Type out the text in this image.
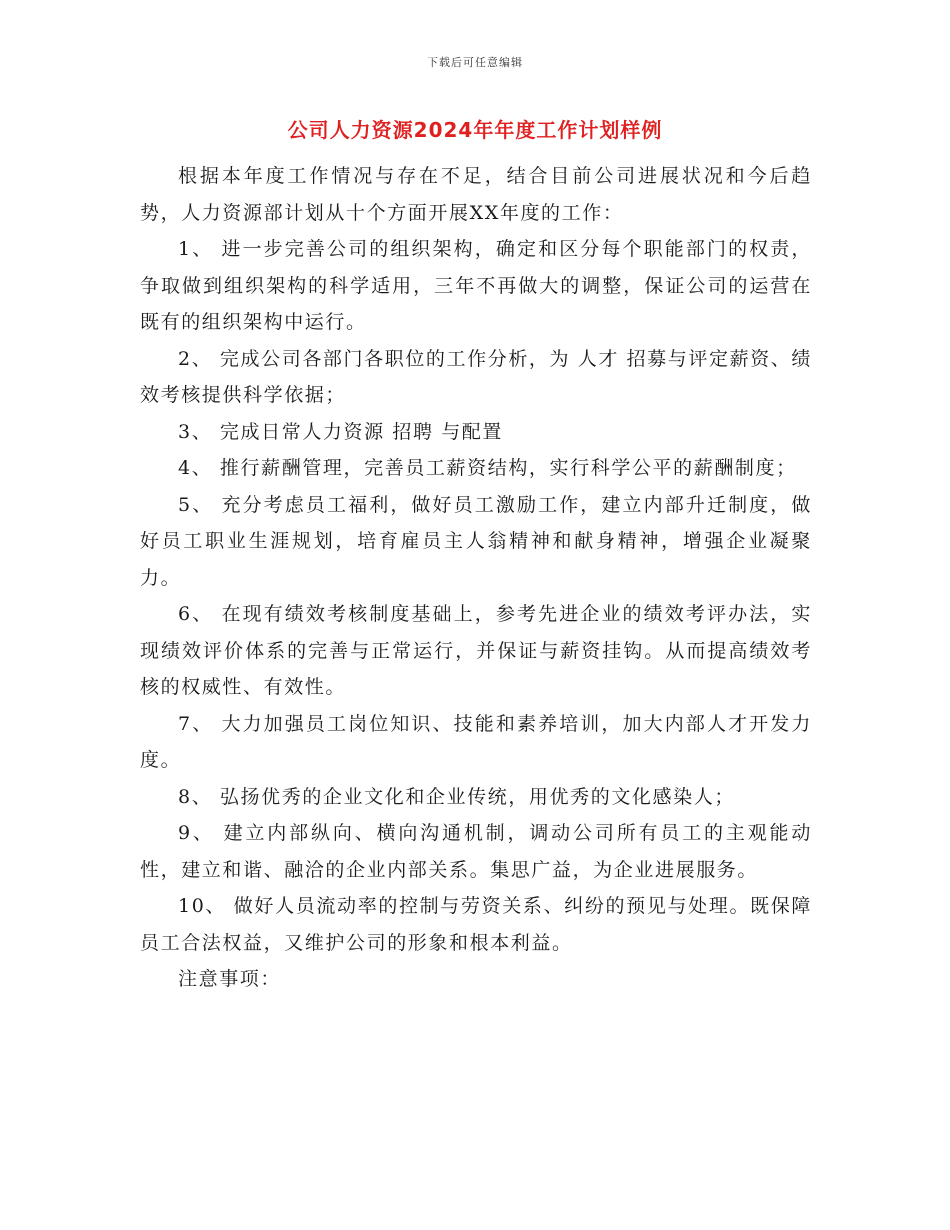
下载后可任意编辑
公司人力资源2024年年度工作计划样例

根据本年度工作情况与存在不足，结合目前公司进展状况和今后趋势，人力资源部计划从十个方面开展XX年度的工作：

1、 进一步完善公司的组织架构，确定和区分每个职能部门的权责，争取做到组织架构的科学适用，三年不再做大的调整，保证公司的运营在既有的组织架构中运行。

2、 完成公司各部门各职位的工作分析，为 人才 招募与评定薪资、绩效考核提供科学依据；

3、 完成日常人力资源 招聘 与配置

4、 推行薪酬管理，完善员工薪资结构，实行科学公平的薪酬制度；

5、 充分考虑员工福利，做好员工激励工作，建立内部升迁制度，做好员工职业生涯规划，培育雇员主人翁精神和献身精神，增强企业凝聚力。

6、 在现有绩效考核制度基础上，参考先进企业的绩效考评办法，实现绩效评价体系的完善与正常运行，并保证与薪资挂钩。从而提高绩效考核的权威性、有效性。

7、 大力加强员工岗位知识、技能和素养培训，加大内部人才开发力度。

8、 弘扬优秀的企业文化和企业传统，用优秀的文化感染人；

9、 建立内部纵向、横向沟通机制，调动公司所有员工的主观能动性，建立和谐、融洽的企业内部关系。集思广益，为企业进展服务。

10、 做好人员流动率的控制与劳资关系、纠纷的预见与处理。既保障员工合法权益，又维护公司的形象和根本利益。

注意事项：
